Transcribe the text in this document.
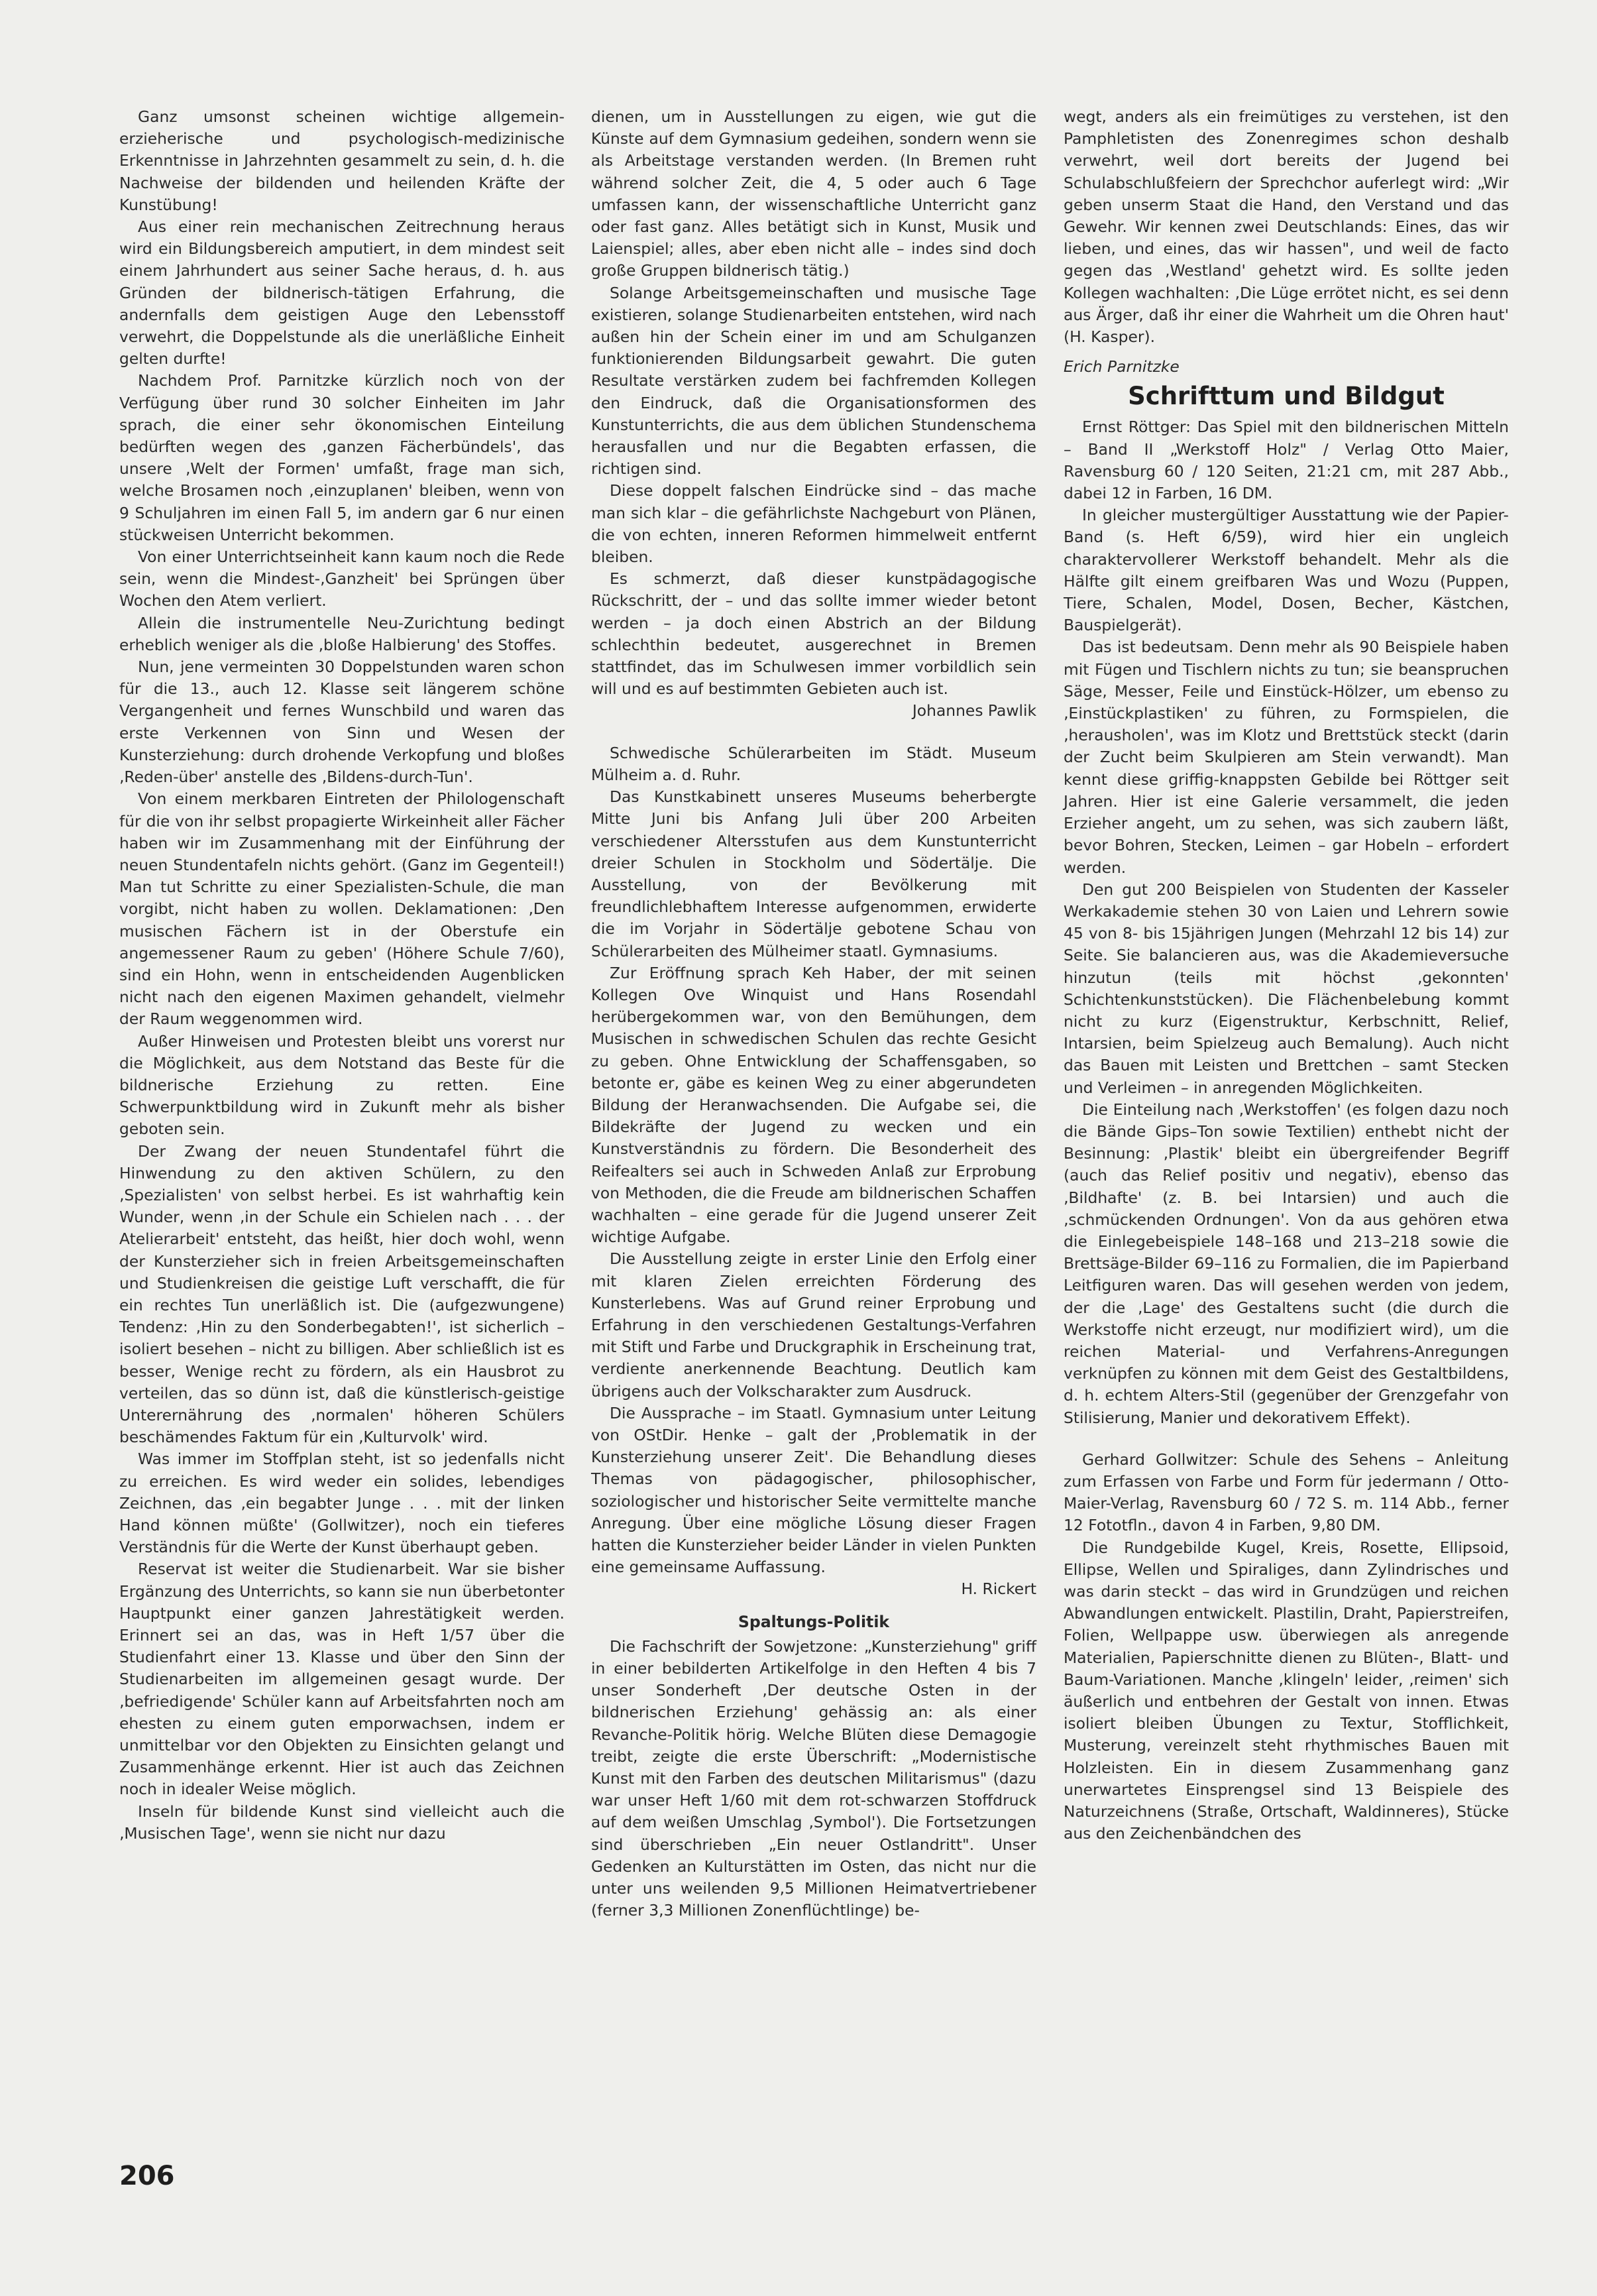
Ganz umsonst scheinen wichtige allgemein-erzieherische und psychologisch-medizinische Erkenntnisse in Jahrzehnten gesammelt zu sein, d. h. die Nachweise der bildenden und heilenden Kräfte der Kunstübung!

Aus einer rein mechanischen Zeitrechnung heraus wird ein Bildungsbereich amputiert, in dem mindest seit einem Jahrhundert aus seiner Sache heraus, d. h. aus Gründen der bildnerisch-tätigen Erfahrung, die andernfalls dem geistigen Auge den Lebensstoff verwehrt, die Doppelstunde als die unerläßliche Einheit gelten durfte!

Nachdem Prof. Parnitzke kürzlich noch von der Verfügung über rund 30 solcher Einheiten im Jahr sprach, die einer sehr ökonomischen Einteilung bedürften wegen des ‚ganzen Fächerbündels', das unsere ‚Welt der Formen' umfaßt, frage man sich, welche Brosamen noch ‚einzuplanen' bleiben, wenn von 9 Schuljahren im einen Fall 5, im andern gar 6 nur einen stückweisen Unterricht bekommen.

Von einer Unterrichtseinheit kann kaum noch die Rede sein, wenn die Mindest-‚Ganzheit' bei Sprüngen über Wochen den Atem verliert.

Allein die instrumentelle Neu-Zurichtung bedingt erheblich weniger als die ‚bloße Halbierung' des Stoffes.

Nun, jene vermeinten 30 Doppelstunden waren schon für die 13., auch 12. Klasse seit längerem schöne Vergangenheit und fernes Wunschbild und waren das erste Verkennen von Sinn und Wesen der Kunsterziehung: durch drohende Verkopfung und bloßes ‚Reden-über' anstelle des ‚Bildens-durch-Tun'.

Von einem merkbaren Eintreten der Philologenschaft für die von ihr selbst propagierte Wirkeinheit aller Fächer haben wir im Zusammenhang mit der Einführung der neuen Stundentafeln nichts gehört. (Ganz im Gegenteil!) Man tut Schritte zu einer Spezialisten-Schule, die man vorgibt, nicht haben zu wollen. Deklamationen: ‚Den musischen Fächern ist in der Oberstufe ein angemessener Raum zu geben' (Höhere Schule 7/60), sind ein Hohn, wenn in entscheidenden Augenblicken nicht nach den eigenen Maximen gehandelt, vielmehr der Raum weggenommen wird.

Außer Hinweisen und Protesten bleibt uns vorerst nur die Möglichkeit, aus dem Notstand das Beste für die bildnerische Erziehung zu retten. Eine Schwerpunktbildung wird in Zukunft mehr als bisher geboten sein.

Der Zwang der neuen Stundentafel führt die Hinwendung zu den aktiven Schülern, zu den ‚Spezialisten' von selbst herbei. Es ist wahrhaftig kein Wunder, wenn ‚in der Schule ein Schielen nach . . . der Atelierarbeit' entsteht, das heißt, hier doch wohl, wenn der Kunsterzieher sich in freien Arbeitsgemeinschaften und Studienkreisen die geistige Luft verschafft, die für ein rechtes Tun unerläßlich ist. Die (aufgezwungene) Tendenz: ‚Hin zu den Sonderbegabten!', ist sicherlich – isoliert besehen – nicht zu billigen. Aber schließlich ist es besser, Wenige recht zu fördern, als ein Hausbrot zu verteilen, das so dünn ist, daß die künstlerisch-geistige Unterernährung des ‚normalen' höheren Schülers beschämendes Faktum für ein ‚Kulturvolk' wird.

Was immer im Stoffplan steht, ist so jedenfalls nicht zu erreichen. Es wird weder ein solides, lebendiges Zeichnen, das ‚ein begabter Junge . . . mit der linken Hand können müßte' (Gollwitzer), noch ein tieferes Verständnis für die Werte der Kunst überhaupt geben.

Reservat ist weiter die Studienarbeit. War sie bisher Ergänzung des Unterrichts, so kann sie nun überbetonter Hauptpunkt einer ganzen Jahrestätigkeit werden. Erinnert sei an das, was in Heft 1/57 über die Studienfahrt einer 13. Klasse und über den Sinn der Studienarbeiten im allgemeinen gesagt wurde. Der ‚befriedigende' Schüler kann auf Arbeitsfahrten noch am ehesten zu einem guten emporwachsen, indem er unmittelbar vor den Objekten zu Einsichten gelangt und Zusammenhänge erkennt. Hier ist auch das Zeichnen noch in idealer Weise möglich.

Inseln für bildende Kunst sind vielleicht auch die ‚Musischen Tage', wenn sie nicht nur dazu

dienen, um in Ausstellungen zu eigen, wie gut die Künste auf dem Gymnasium gedeihen, sondern wenn sie als Arbeitstage verstanden werden. (In Bremen ruht während solcher Zeit, die 4, 5 oder auch 6 Tage umfassen kann, der wissenschaftliche Unterricht ganz oder fast ganz. Alles betätigt sich in Kunst, Musik und Laienspiel; alles, aber eben nicht alle – indes sind doch große Gruppen bildnerisch tätig.)

Solange Arbeitsgemeinschaften und musische Tage existieren, solange Studienarbeiten entstehen, wird nach außen hin der Schein einer im und am Schulganzen funktionierenden Bildungsarbeit gewahrt. Die guten Resultate verstärken zudem bei fachfremden Kollegen den Eindruck, daß die Organisationsformen des Kunstunterrichts, die aus dem üblichen Stundenschema herausfallen und nur die Begabten erfassen, die richtigen sind.

Diese doppelt falschen Eindrücke sind – das mache man sich klar – die gefährlichste Nachgeburt von Plänen, die von echten, inneren Reformen himmelweit entfernt bleiben.

Es schmerzt, daß dieser kunstpädagogische Rückschritt, der – und das sollte immer wieder betont werden – ja doch einen Abstrich an der Bildung schlechthin bedeutet, ausgerechnet in Bremen stattfindet, das im Schulwesen immer vorbildlich sein will und es auf bestimmten Gebieten auch ist.

Johannes Pawlik

Schwedische Schülerarbeiten im Städt. Museum Mülheim a. d. Ruhr.

Das Kunstkabinett unseres Museums beherbergte Mitte Juni bis Anfang Juli über 200 Arbeiten verschiedener Altersstufen aus dem Kunstunterricht dreier Schulen in Stockholm und Södertälje. Die Ausstellung, von der Bevölkerung mit freundlichlebhaftem Interesse aufgenommen, erwiderte die im Vorjahr in Södertälje gebotene Schau von Schülerarbeiten des Mülheimer staatl. Gymnasiums.

Zur Eröffnung sprach Keh Haber, der mit seinen Kollegen Ove Winquist und Hans Rosendahl herübergekommen war, von den Bemühungen, dem Musischen in schwedischen Schulen das rechte Gesicht zu geben. Ohne Entwicklung der Schaffensgaben, so betonte er, gäbe es keinen Weg zu einer abgerundeten Bildung der Heranwachsenden. Die Aufgabe sei, die Bildekräfte der Jugend zu wecken und ein Kunstverständnis zu fördern. Die Besonderheit des Reifealters sei auch in Schweden Anlaß zur Erprobung von Methoden, die die Freude am bildnerischen Schaffen wachhalten – eine gerade für die Jugend unserer Zeit wichtige Aufgabe.

Die Ausstellung zeigte in erster Linie den Erfolg einer mit klaren Zielen erreichten Förderung des Kunsterlebens. Was auf Grund reiner Erprobung und Erfahrung in den verschiedenen Gestaltungs-Verfahren mit Stift und Farbe und Druckgraphik in Erscheinung trat, verdiente anerkennende Beachtung. Deutlich kam übrigens auch der Volkscharakter zum Ausdruck.

Die Aussprache – im Staatl. Gymnasium unter Leitung von OStDir. Henke – galt der ‚Problematik in der Kunsterziehung unserer Zeit'. Die Behandlung dieses Themas von pädagogischer, philosophischer, soziologischer und historischer Seite vermittelte manche Anregung. Über eine mögliche Lösung dieser Fragen hatten die Kunsterzieher beider Länder in vielen Punkten eine gemeinsame Auffassung.

H. Rickert
Spaltungs-Politik

Die Fachschrift der Sowjetzone: „Kunsterziehung" griff in einer bebilderten Artikelfolge in den Heften 4 bis 7 unser Sonderheft ‚Der deutsche Osten in der bildnerischen Erziehung' gehässig an: als einer Revanche-Politik hörig. Welche Blüten diese Demagogie treibt, zeigte die erste Überschrift: „Modernistische Kunst mit den Farben des deutschen Militarismus" (dazu war unser Heft 1/60 mit dem rot-schwarzen Stoffdruck auf dem weißen Umschlag ‚Symbol'). Die Fortsetzungen sind überschrieben „Ein neuer Ostlandritt". Unser Gedenken an Kulturstätten im Osten, das nicht nur die unter uns weilenden 9,5 Millionen Heimatvertriebener (ferner 3,3 Millionen Zonenflüchtlinge) be-

wegt, anders als ein freimütiges zu verstehen, ist den Pamphletisten des Zonenregimes schon deshalb verwehrt, weil dort bereits der Jugend bei Schulabschlußfeiern der Sprechchor auferlegt wird: „Wir geben unserm Staat die Hand, den Verstand und das Gewehr. Wir kennen zwei Deutschlands: Eines, das wir lieben, und eines, das wir hassen", und weil de facto gegen das ‚Westland' gehetzt wird. Es sollte jeden Kollegen wachhalten: ‚Die Lüge errötet nicht, es sei denn aus Ärger, daß ihr einer die Wahrheit um die Ohren haut' (H. Kasper).

Erich Parnitzke

Schrifttum und Bildgut

Ernst Röttger: Das Spiel mit den bildnerischen Mitteln – Band II „Werkstoff Holz" / Verlag Otto Maier, Ravensburg 60 / 120 Seiten, 21:21 cm, mit 287 Abb., dabei 12 in Farben, 16 DM.

In gleicher mustergültiger Ausstattung wie der Papier-Band (s. Heft 6/59), wird hier ein ungleich charaktervollerer Werkstoff behandelt. Mehr als die Hälfte gilt einem greifbaren Was und Wozu (Puppen, Tiere, Schalen, Model, Dosen, Becher, Kästchen, Bauspielgerät).

Das ist bedeutsam. Denn mehr als 90 Beispiele haben mit Fügen und Tischlern nichts zu tun; sie beanspruchen Säge, Messer, Feile und Einstück-Hölzer, um ebenso zu ‚Einstückplastiken' zu führen, zu Formspielen, die ‚herausholen', was im Klotz und Brettstück steckt (darin der Zucht beim Skulpieren am Stein verwandt). Man kennt diese griffig-knappsten Gebilde bei Röttger seit Jahren. Hier ist eine Galerie versammelt, die jeden Erzieher angeht, um zu sehen, was sich zaubern läßt, bevor Bohren, Stecken, Leimen – gar Hobeln – erfordert werden.

Den gut 200 Beispielen von Studenten der Kasseler Werkakademie stehen 30 von Laien und Lehrern sowie 45 von 8- bis 15jährigen Jungen (Mehrzahl 12 bis 14) zur Seite. Sie balancieren aus, was die Akademieversuche hinzutun (teils mit höchst ‚gekonnten' Schichtenkunststücken). Die Flächenbelebung kommt nicht zu kurz (Eigenstruktur, Kerbschnitt, Relief, Intarsien, beim Spielzeug auch Bemalung). Auch nicht das Bauen mit Leisten und Brettchen – samt Stecken und Verleimen – in anregenden Möglichkeiten.

Die Einteilung nach ‚Werkstoffen' (es folgen dazu noch die Bände Gips–Ton sowie Textilien) enthebt nicht der Besinnung: ‚Plastik' bleibt ein übergreifender Begriff (auch das Relief positiv und negativ), ebenso das ‚Bildhafte' (z. B. bei Intarsien) und auch die ‚schmückenden Ordnungen'. Von da aus gehören etwa die Einlegebeispiele 148–168 und 213–218 sowie die Brettsäge-Bilder 69–116 zu Formalien, die im Papierband Leitfiguren waren. Das will gesehen werden von jedem, der die ‚Lage' des Gestaltens sucht (die durch die Werkstoffe nicht erzeugt, nur modifiziert wird), um die reichen Material- und Verfahrens-Anregungen verknüpfen zu können mit dem Geist des Gestaltbildens, d. h. echtem Alters-Stil (gegenüber der Grenzgefahr von Stilisierung, Manier und dekorativem Effekt).

Gerhard Gollwitzer: Schule des Sehens – Anleitung zum Erfassen von Farbe und Form für jedermann / Otto-Maier-Verlag, Ravensburg 60 / 72 S. m. 114 Abb., ferner 12 Fototfln., davon 4 in Farben, 9,80 DM.

Die Rundgebilde Kugel, Kreis, Rosette, Ellipsoid, Ellipse, Wellen und Spiraliges, dann Zylindrisches und was darin steckt – das wird in Grundzügen und reichen Abwandlungen entwickelt. Plastilin, Draht, Papierstreifen, Folien, Wellpappe usw. überwiegen als anregende Materialien, Papierschnitte dienen zu Blüten-, Blatt- und Baum-Variationen. Manche ‚klingeln' leider, ‚reimen' sich äußerlich und entbehren der Gestalt von innen. Etwas isoliert bleiben Übungen zu Textur, Stofflichkeit, Musterung, vereinzelt steht rhythmisches Bauen mit Holzleisten. Ein in diesem Zusammenhang ganz unerwartetes Einsprengsel sind 13 Beispiele des Naturzeichnens (Straße, Ortschaft, Waldinneres), Stücke aus den Zeichenbändchen des

206
